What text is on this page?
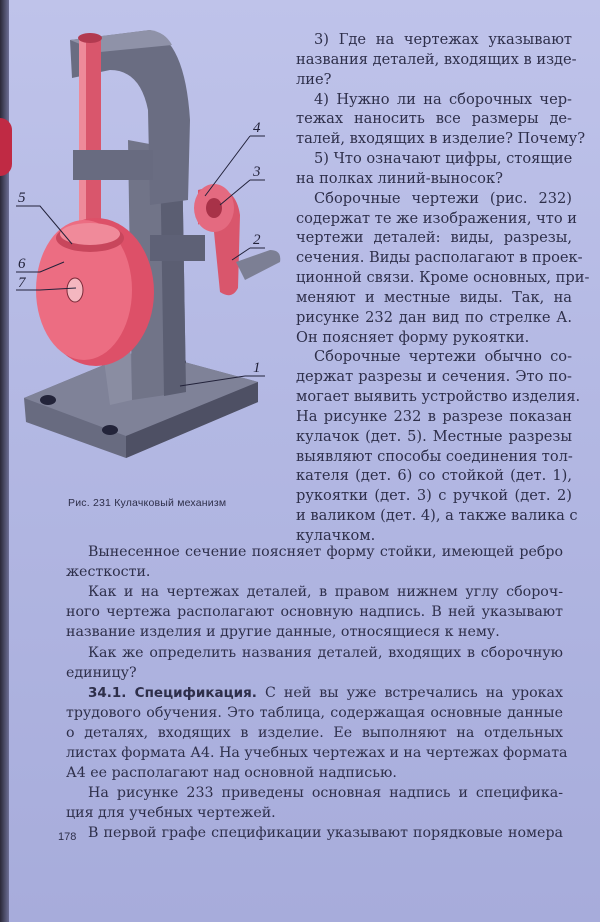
5
6
7
4
3
2
1
Рис. 231 Кулачковый механизм
3) Где на чертежах указывают
названия деталей, входящих в изде-
лие?
4) Нужно ли на сборочных чер-
тежах наносить все размеры де-
талей, входящих в изделие? Почему?
5) Что означают цифры, стоящие
на полках линий-выносок?
Сборочные чертежи (рис. 232)
содержат те же изображения, что и
чертежи деталей: виды, разрезы,
сечения. Виды располагают в проек-
ционной связи. Кроме основных, при-
меняют и местные виды. Так, на
рисунке 232 дан вид по стрелке А.
Он поясняет форму рукоятки.
Сборочные чертежи обычно со-
держат разрезы и сечения. Это по-
могает выявить устройство изделия.
На рисунке 232 в разрезе показан
кулачок (дет. 5). Местные разрезы
выявляют способы соединения тол-
кателя (дет. 6) со стойкой (дет. 1),
рукоятки (дет. 3) с ручкой (дет. 2)
и валиком (дет. 4), а также валика с
кулачком.
Вынесенное сечение поясняет форму стойки, имеющей ребро
жесткости.
Как и на чертежах деталей, в правом нижнем углу сбороч-
ного чертежа располагают основную надпись. В ней указывают
название изделия и другие данные, относящиеся к нему.
Как же определить названия деталей, входящих в сборочную
единицу?
34.1. Спецификация. С ней вы уже встречались на уроках
трудового обучения. Это таблица, содержащая основные данные
о деталях, входящих в изделие. Ее выполняют на отдельных
листах формата А4. На учебных чертежах и на чертежах формата
А4 ее располагают над основной надписью.
На рисунке 233 приведены основная надпись и специфика-
ция для учебных чертежей.
В первой графе спецификации указывают порядковые номера
178
